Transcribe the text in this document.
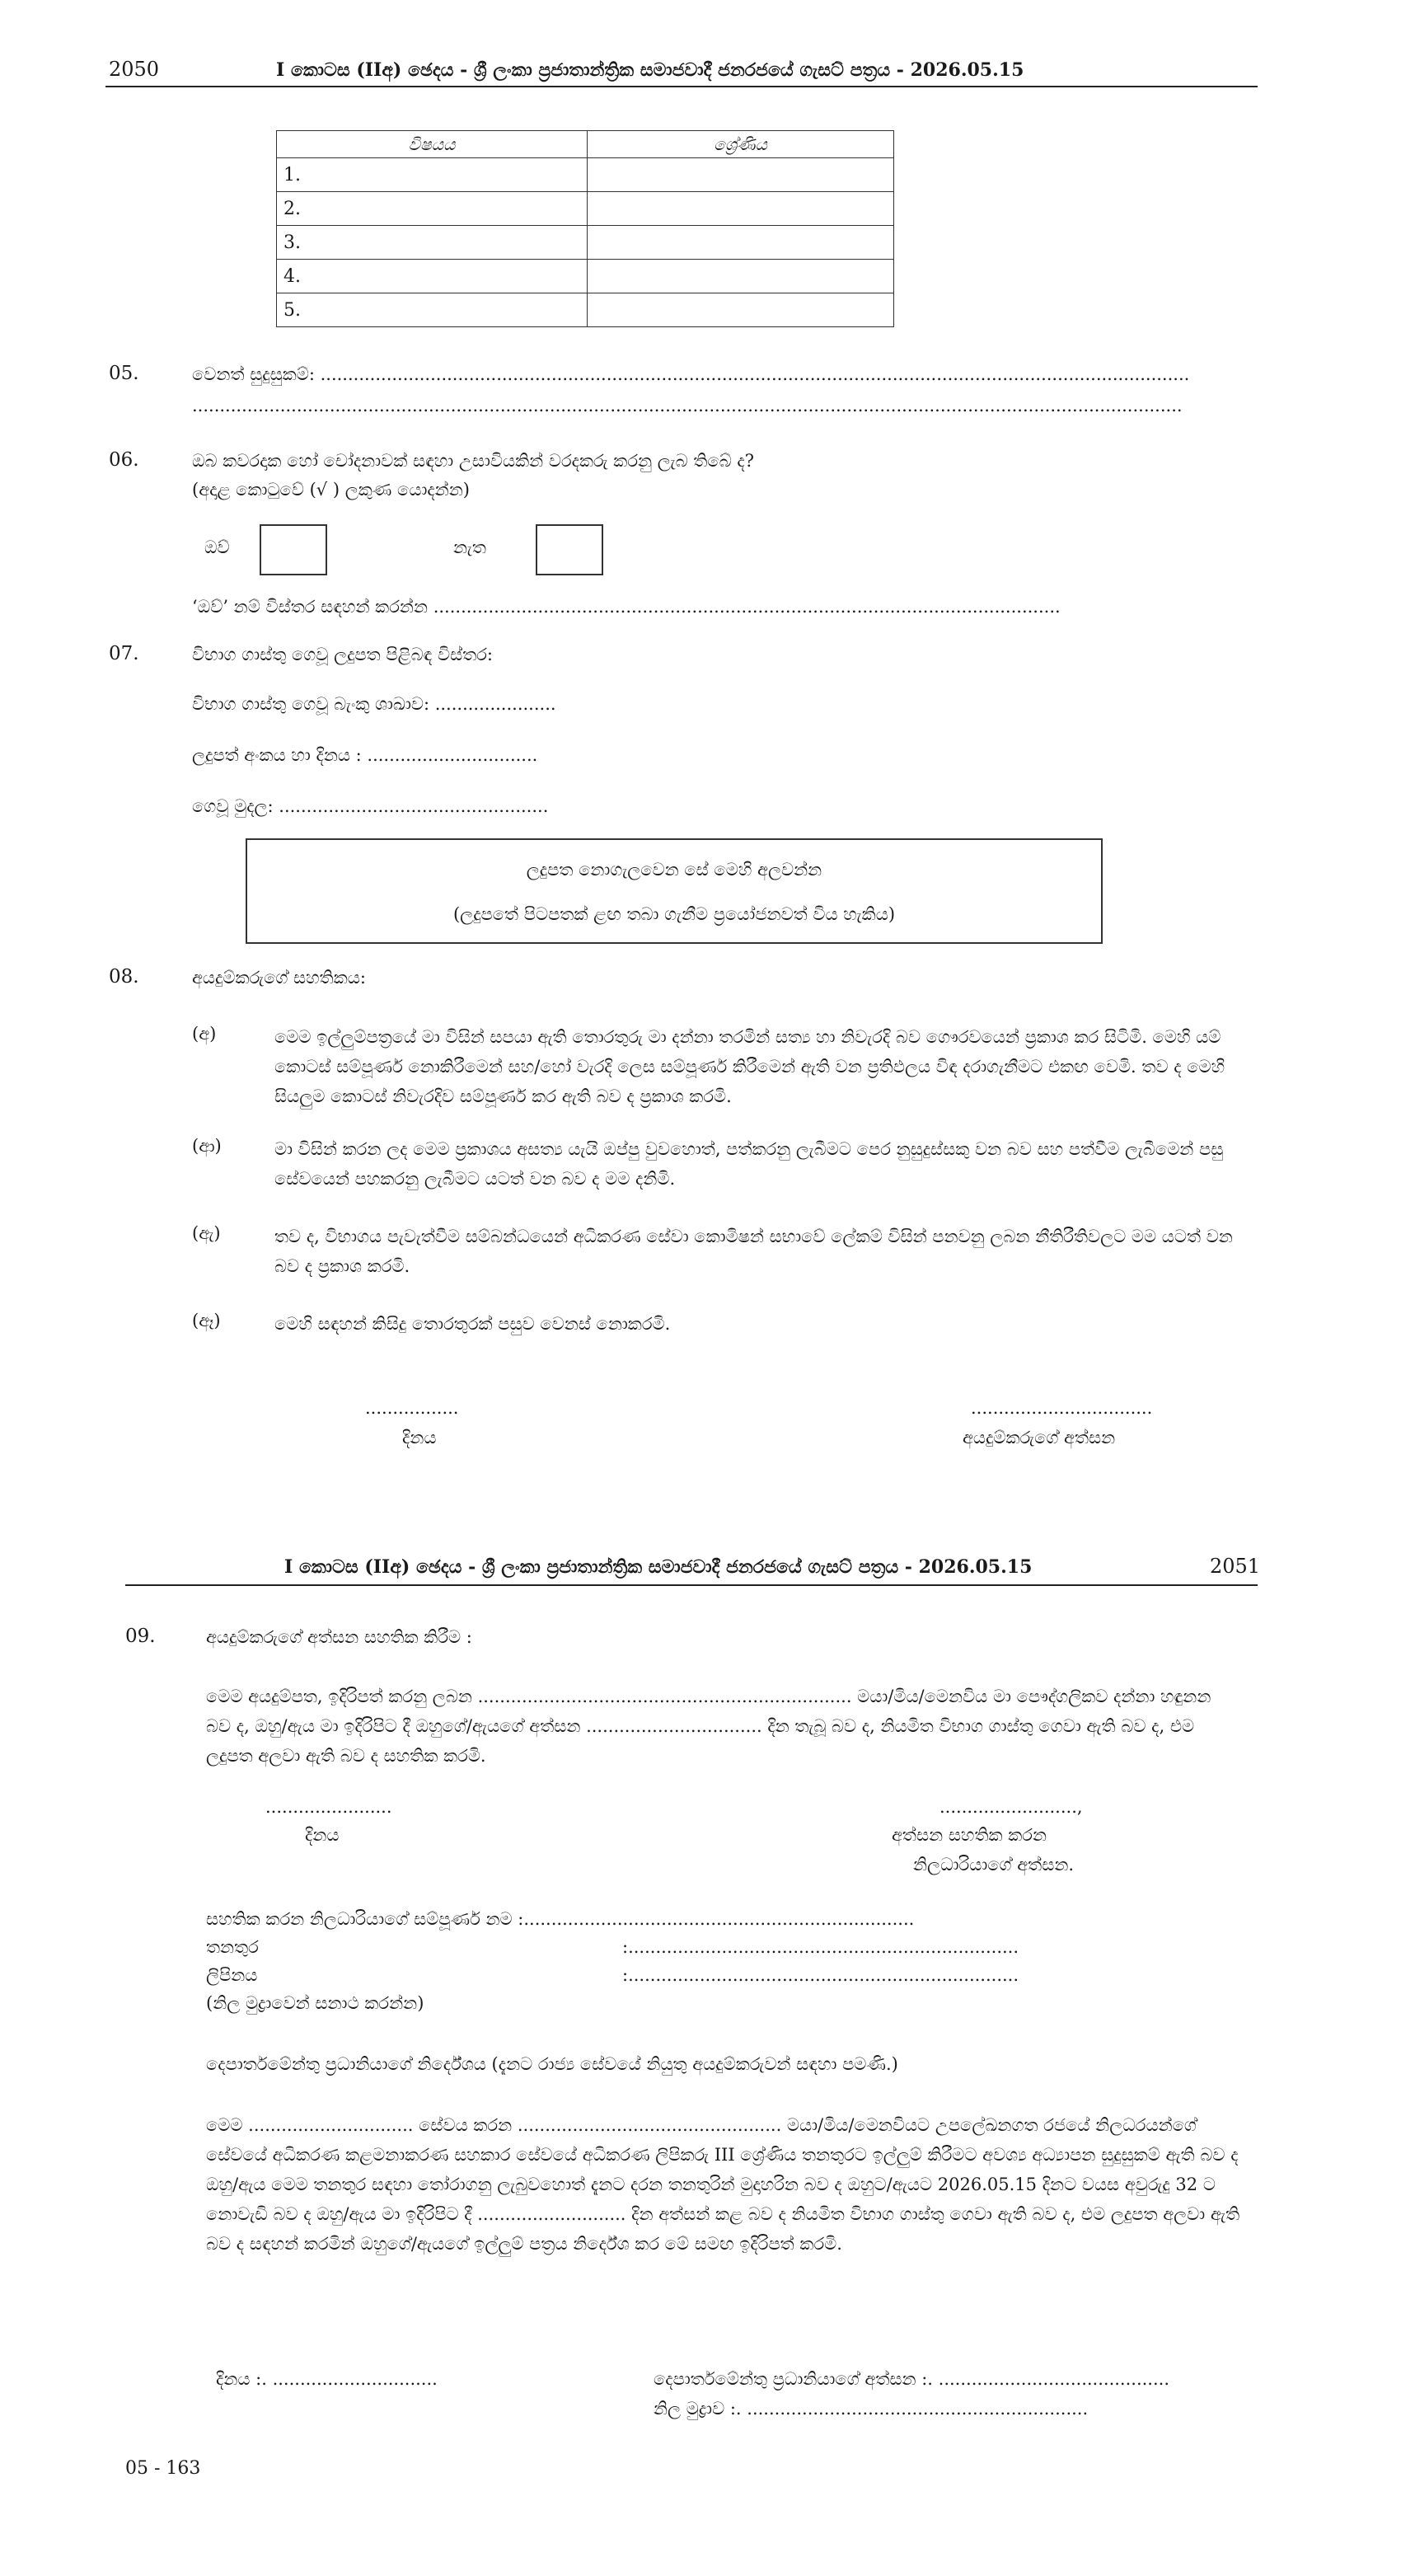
2050	I කොටස (IIඅ) ඡෙදය - ශ්‍රී ලංකා ප්‍රජාතාන්ත්‍රික සමාජවාදී ජනරජයේ ගැසට් පත්‍රය - 2026.05.15
විෂයය	ශ්‍රේණිය
1.	
2.	
3.	
4.	
5.	
05.	වෙනත් සුදුසුකම්: ..............................................................................................................................................................
....................................................................................................................................................................................
06.	ඔබ කවරදාක හෝ චෝදනාවක් සඳහා උසාවියකින් වරදකරු කරනු ලැබ තිබේ ද?
(අදාළ කොටුවේ (√ ) ලකුණ යොදන්න)
ඔව්	නැත
‘ඔව්’ නම් විස්තර සඳහන් කරන්න ..................................................................................................................
07.	විභාග ගාස්තු ගෙවූ ලදුපත පිළිබඳ විස්තර:
විභාග ගාස්තු ගෙවූ බැංකු ශාඛාව: ......................
ලදුපත් අංකය හා දිනය : ...............................
ගෙවූ මුදල: .................................................
ලදුපත නොගැලවෙන සේ මෙහි අලවන්න
(ලදුපතේ පිටපතක් ළඟ තබා ගැනීම ප්‍රයෝජනවත් විය හැකිය)
08.	අයදුම්කරුගේ සහතිකය:
(අ)	මෙම ඉල්ලුම්පත්‍රයේ මා විසින් සපයා ඇති තොරතුරු මා දන්නා තරමින් සත්‍ය හා නිවැරදි බව ගෞරවයෙන් ප්‍රකාශ කර සිටිමි. මෙහි යම් කොටස් සම්පූර්ණ නොකිරීමෙන් සහ/හෝ වැරදි ලෙස සම්පූර්ණ කිරීමෙන් ඇති වන ප්‍රතිඵලය විඳ දරාගැනීමට එකඟ වෙමි. තව ද මෙහි සියලුම කොටස් නිවැරදිව සම්පූර්ණ කර ඇති බව ද ප්‍රකාශ කරමි.
(ආ)	මා විසින් කරන ලද මෙම ප්‍රකාශය අසත්‍ය යැයි ඔප්පු වුවහොත්, පත්කරනු ලැබීමට පෙර නුසුදුස්සකු වන බව සහ පත්වීම ලැබීමෙන් පසු සේවයෙන් පහකරනු ලැබීමට යටත් වන බව ද මම දනිමි.
(ඇ)	තව ද, විභාගය පැවැත්වීම සම්බන්ධයෙන් අධිකරණ සේවා කොමිෂන් සභාවේ ලේකම් විසින් පනවනු ලබන නීතිරීතිවලට මම යටත් වන බව ද ප්‍රකාශ කරමි.
(ඈ)	මෙහි සඳහන් කිසිදු තොරතුරක් පසුව වෙනස් නොකරමි.
.................
දිනය
.................................
අයදුම්කරුගේ අත්සන
I කොටස (IIඅ) ඡෙදය - ශ්‍රී ලංකා ප්‍රජාතාන්ත්‍රික සමාජවාදී ජනරජයේ ගැසට් පත්‍රය - 2026.05.15	2051
09.	අයදුම්කරුගේ අත්සන සහතික කිරීම :
මෙම අයදුම්පත, ඉදිරිපත් කරනු ලබන .................................................................... මයා/මිය/මෙනවිය මා පෞද්ගලිකව දන්නා හඳුනන බව ද, ඔහු/ඇය මා ඉදිරිපිට දී ඔහුගේ/ඇයගේ අත්සන ................................ දින තැබූ බව ද, නියමිත විභාග ගාස්තු ගෙවා ඇති බව ද, එම ලදුපත අලවා ඇති බව ද සහතික කරමි.
.......................
දිනය
.........................,
අත්සන සහතික කරන
නිලධාරියාගේ අත්සන.
සහතික කරන නිලධාරියාගේ සම්පූර්ණ නම :.......................................................................
තනතුර	:.......................................................................
ලිපිනය	:.......................................................................
(නිල මුද්‍රාවෙන් සනාථ කරන්න)
දෙපාර්තමේන්තු ප්‍රධානියාගේ නිර්දේශය (දැනට රාජ්‍ය සේවයේ නියුතු අයදුම්කරුවන් සඳහා පමණි.)
මෙම .............................. සේවය කරන ................................................ මයා/මිය/මෙනවියට උපලේඛනගත රජයේ නිලධරයන්ගේ සේවයේ අධිකරණ කළමනාකරණ සහකාර සේවයේ අධිකරණ ලිපිකරු III ශ්‍රේණිය තනතුරට ඉල්ලුම් කිරීමට අවශ්‍ය අධ්‍යාපන සුදුසුකම් ඇති බව ද ඔහු/ඇය මෙම තනතුර සඳහා තෝරාගනු ලැබුවහොත් දැනට දරන තනතුරින් මුදාහරින බව ද ඔහුට/ඇයට 2026.05.15 දිනට වයස අවුරුදු 32 ට නොවැඩි බව ද ඔහු/ඇය මා ඉදිරිපිට දී ........................... දින අත්සන් කළ බව ද නියමිත විභාග ගාස්තු ගෙවා ඇති බව ද, එම ලදුපත අලවා ඇති බව ද සඳහන් කරමින් ඔහුගේ/ඇයගේ ඉල්ලුම් පත්‍රය නිර්දේශ කර මේ සමඟ ඉදිරිපත් කරමි.
දිනය :. ..............................	දෙපාර්තමේන්තු ප්‍රධානියාගේ අත්සන :. ..........................................
නිල මුද්‍රාව :. ..............................................................
05 - 163
